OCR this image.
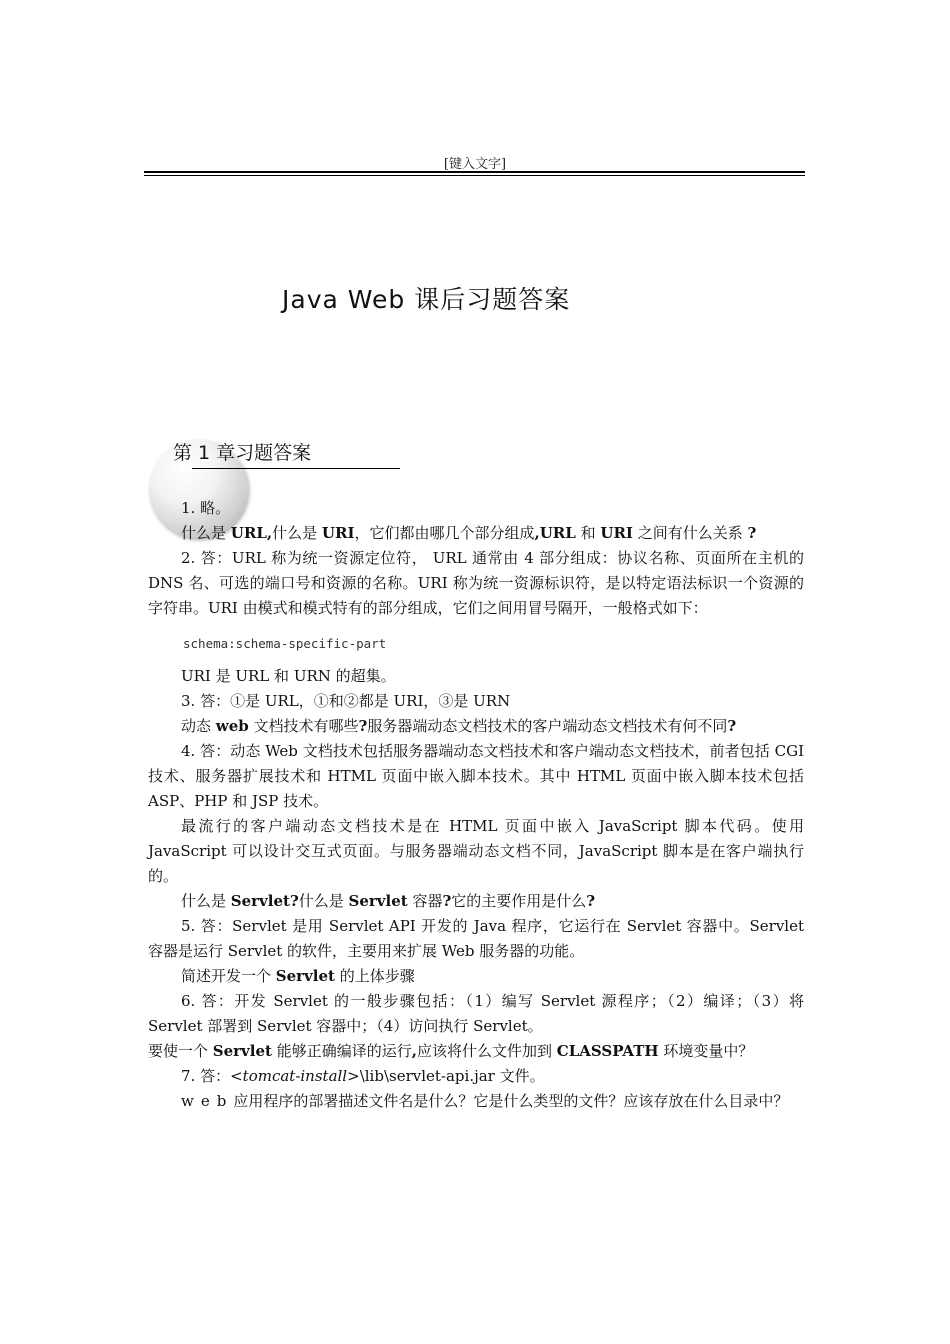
[键入文字]
Java Web 课后习题答案
第 1 章习题答案

1. 略。

什么是 URL,什么是 URI，它们都由哪几个部分组成,URL 和 URI 之间有什么关系 ?

2. 答：URL 称为统一资源定位符， URL 通常由 4 部分组成：协议名称、页面所在主机的 DNS 名、可选的端口号和资源的名称。URI 称为统一资源标识符，是以特定语法标识一个资源的字符串。URI 由模式和模式特有的部分组成，它们之间用冒号隔开，一般格式如下：

schema:schema-specific-part

URI 是 URL 和 URN 的超集。

3. 答：①是 URL，①和②都是 URI，③是 URN

动态 web 文档技术有哪些?服务器端动态文档技术的客户端动态文档技术有何不同?

4. 答：动态 Web 文档技术包括服务器端动态文档技术和客户端动态文档技术，前者包括 CGI 技术、服务器扩展技术和 HTML 页面中嵌入脚本技术。其中 HTML 页面中嵌入脚本技术包括 ASP、PHP 和 JSP 技术。

最流行的客户端动态文档技术是在 HTML 页面中嵌入 JavaScript 脚本代码。使用 JavaScript 可以设计交互式页面。与服务器端动态文档不同，JavaScript 脚本是在客户端执行的。

什么是 Servlet?什么是 Servlet 容器?它的主要作用是什么?

5. 答：Servlet 是用 Servlet API 开发的 Java 程序，它运行在 Servlet 容器中。Servlet 容器是运行 Servlet 的软件，主要用来扩展 Web 服务器的功能。

简述开发一个 Servlet 的上体步骤

6. 答：开发 Servlet 的一般步骤包括：（1）编写 Servlet 源程序；（2）编译；（3）将 Servlet 部署到 Servlet 容器中；（4）访问执行 Servlet。

要使一个 Servlet 能够正确编译的运行,应该将什么文件加到 CLASSPATH 环境变量中？

7. 答：<tomcat-install>\lib\servlet-api.jar 文件。

web应用程序的部署描述文件名是什么？它是什么类型的文件？应该存放在什么目录中？
